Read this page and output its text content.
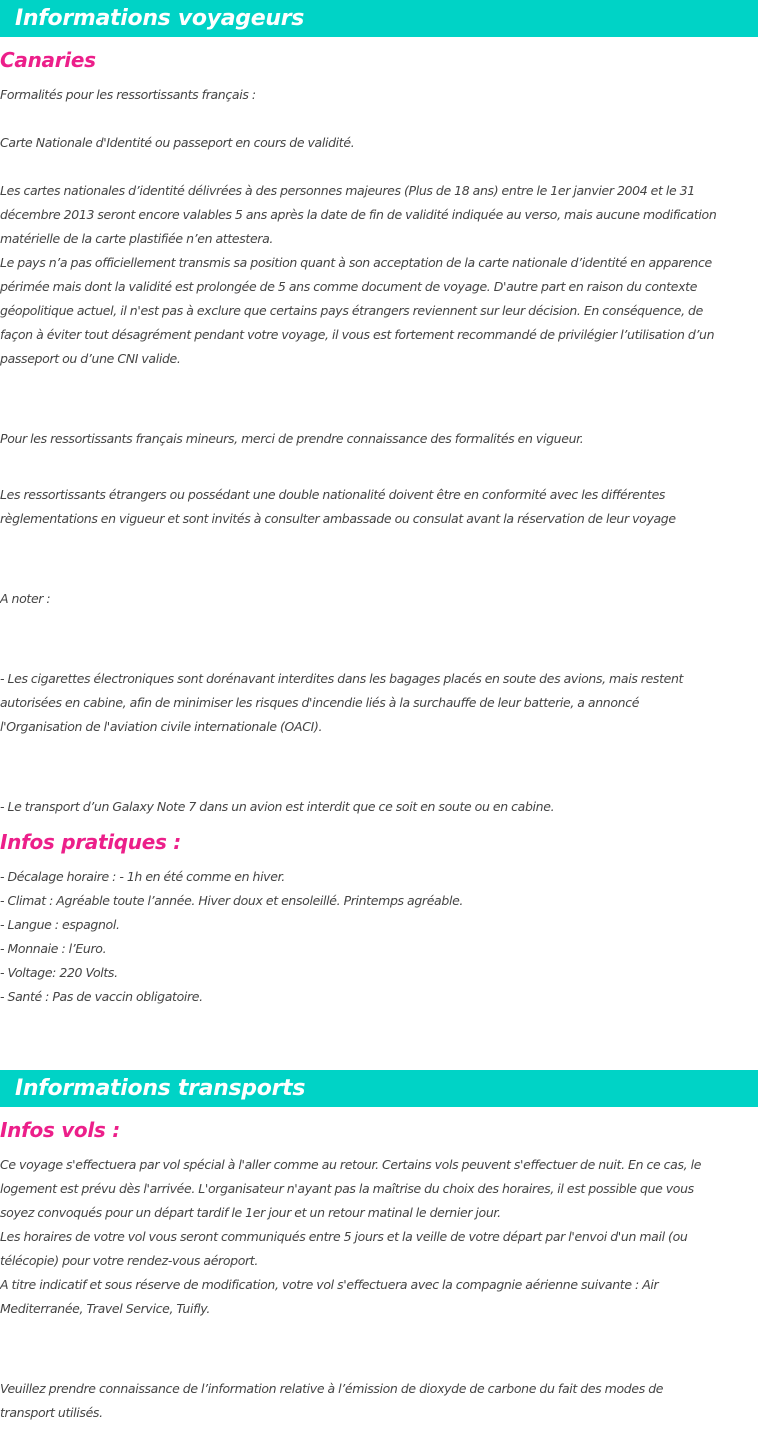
Informations voyageurs
Canaries
Formalités pour les ressortissants français :
Carte Nationale d'Identité ou passeport en cours de validité.
Les cartes nationales d’identité délivrées à des personnes majeures (Plus de 18 ans) entre le 1er janvier 2004 et le 31
décembre 2013 seront encore valables 5 ans après la date de fin de validité indiquée au verso, mais aucune modification
matérielle de la carte plastifiée n’en attestera.
Le pays n’a pas officiellement transmis sa position quant à son acceptation de la carte nationale d’identité en apparence
périmée mais dont la validité est prolongée de 5 ans comme document de voyage. D'autre part en raison du contexte
géopolitique actuel, il n'est pas à exclure que certains pays étrangers reviennent sur leur décision. En conséquence, de
façon à éviter tout désagrément pendant votre voyage, il vous est fortement recommandé de privilégier l’utilisation d’un
passeport ou d’une CNI valide.
Pour les ressortissants français mineurs, merci de prendre connaissance des formalités en vigueur.
Les ressortissants étrangers ou possédant une double nationalité doivent être en conformité avec les différentes
règlementations en vigueur et sont invités à consulter ambassade ou consulat avant la réservation de leur voyage
A noter :
- Les cigarettes électroniques sont dorénavant interdites dans les bagages placés en soute des avions, mais restent
autorisées en cabine, afin de minimiser les risques d'incendie liés à la surchauffe de leur batterie, a annoncé
l'Organisation de l'aviation civile internationale (OACI).
- Le transport d’un Galaxy Note 7 dans un avion est interdit que ce soit en soute ou en cabine.
Infos pratiques :
- Décalage horaire : - 1h en été comme en hiver.
- Climat : Agréable toute l’année. Hiver doux et ensoleillé. Printemps agréable.
- Langue : espagnol.
- Monnaie : l’Euro.
- Voltage: 220 Volts.
- Santé : Pas de vaccin obligatoire.
Informations transports
Infos vols :
Ce voyage s'effectuera par vol spécial à l'aller comme au retour. Certains vols peuvent s'effectuer de nuit. En ce cas, le
logement est prévu dès l'arrivée. L'organisateur n'ayant pas la maîtrise du choix des horaires, il est possible que vous
soyez convoqués pour un départ tardif le 1er jour et un retour matinal le dernier jour.
Les horaires de votre vol vous seront communiqués entre 5 jours et la veille de votre départ par l'envoi d'un mail (ou
télécopie) pour votre rendez-vous aéroport.
A titre indicatif et sous réserve de modification, votre vol s'effectuera avec la compagnie aérienne suivante : Air
Mediterranée, Travel Service, Tuifly.
Veuillez prendre connaissance de l’information relative à l’émission de dioxyde de carbone du fait des modes de
transport utilisés.
